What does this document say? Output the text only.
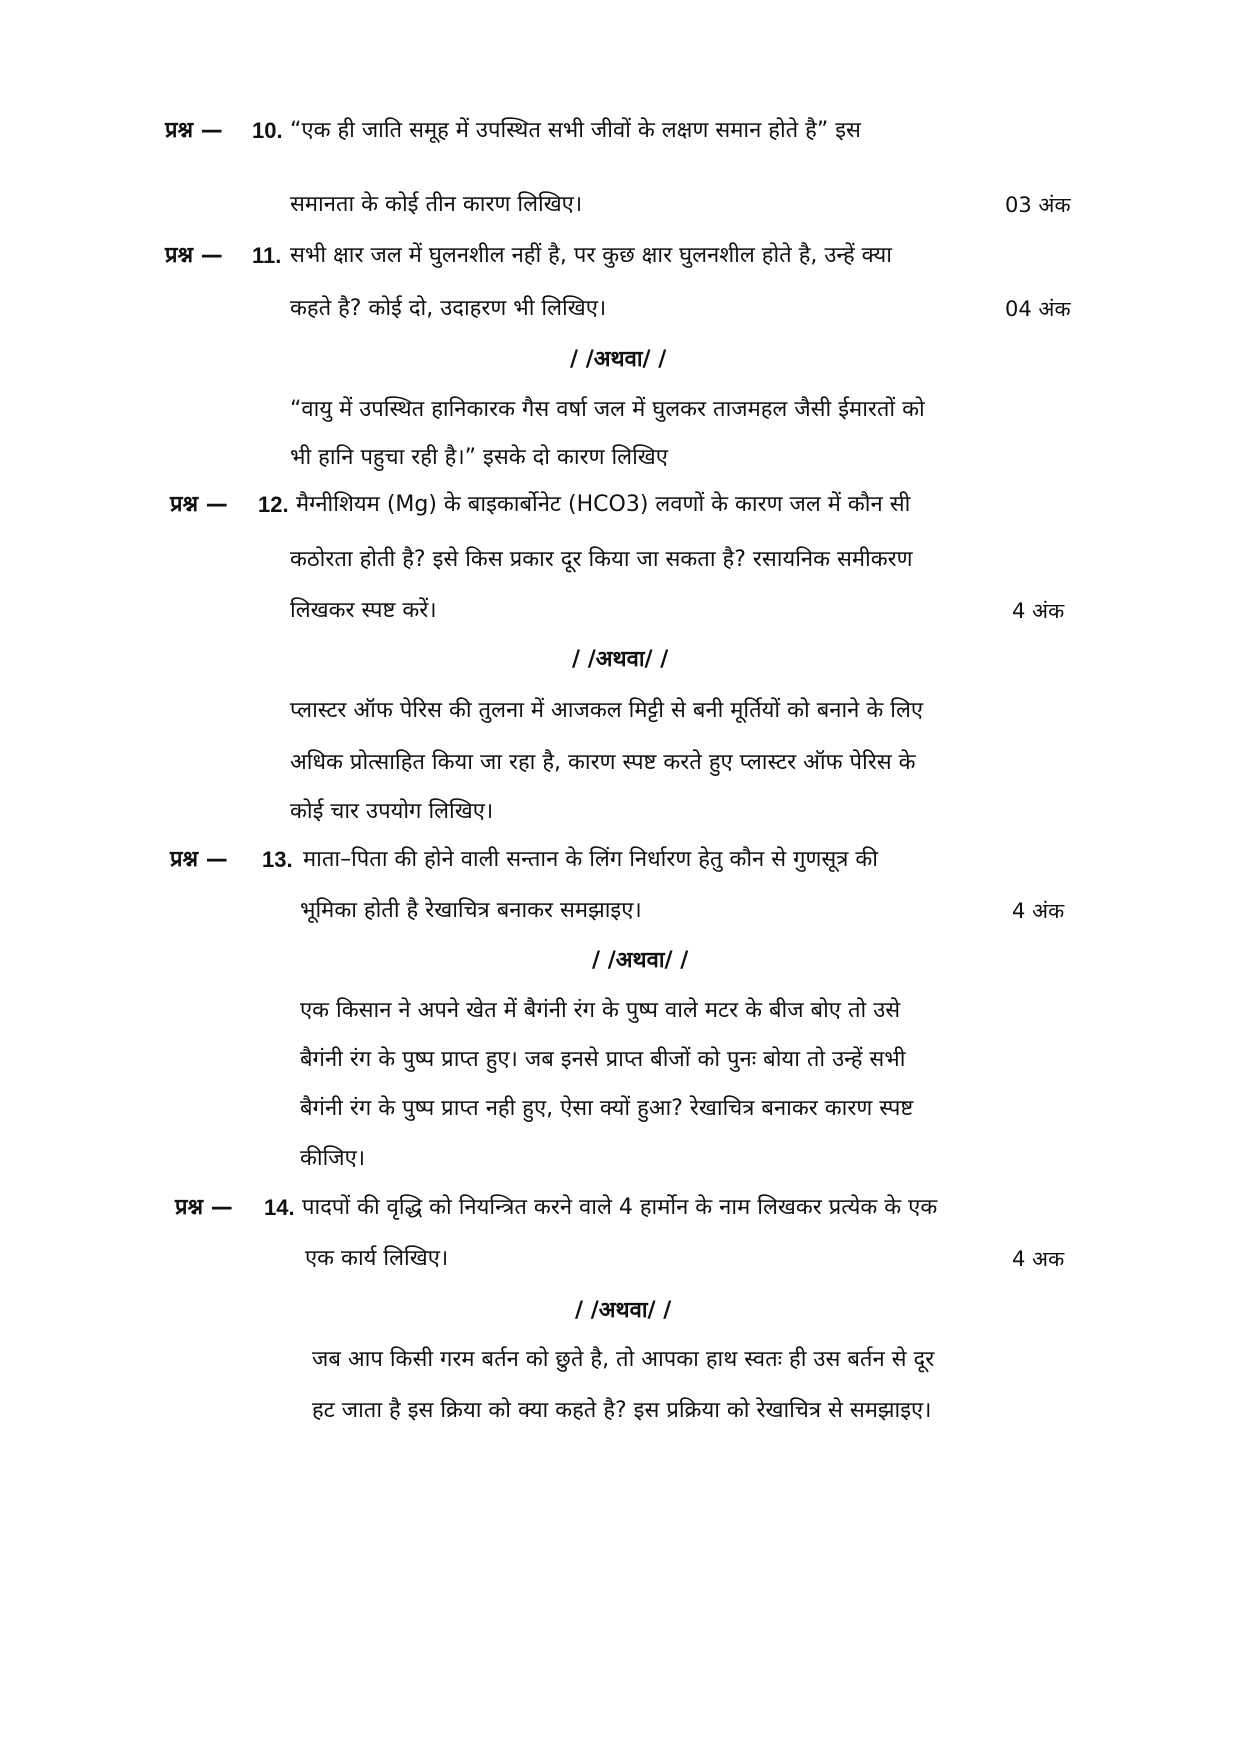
प्रश्न — 10. “एक ही जाति समूह में उपस्थित सभी जीवों के लक्षण समान होते है” इस
समानता के कोई तीन कारण लिखिए।	03 अंक
प्रश्न — 11. सभी क्षार जल में घुलनशील नहीं है, पर कुछ क्षार घुलनशील होते है, उन्हें क्या
कहते है? कोई दो, उदाहरण भी लिखिए।	04 अंक
/ /अथवा/ /
“वायु में उपस्थित हानिकारक गैस वर्षा जल में घुलकर ताजमहल जैसी ईमारतों को
भी हानि पहुचा रही है।” इसके दो कारण लिखिए
प्रश्न — 12. मैग्नीशियम (Mg) के बाइकार्बोनेट (HCO3) लवणों के कारण जल में कौन सी
कठोरता होती है? इसे किस प्रकार दूर किया जा सकता है? रसायनिक समीकरण
लिखकर स्पष्ट करें।	4 अंक
/ /अथवा/ /
प्लास्टर ऑफ पेरिस की तुलना में आजकल मिट्टी से बनी मूर्तियों को बनाने के लिए
अधिक प्रोत्साहित किया जा रहा है, कारण स्पष्ट करते हुए प्लास्टर ऑफ पेरिस के
कोई चार उपयोग लिखिए।
प्रश्न — 13. माता–पिता की होने वाली सन्तान के लिंग निर्धारण हेतु कौन से गुणसूत्र की
भूमिका होती है रेखाचित्र बनाकर समझाइए।	4 अंक
/ /अथवा/ /
एक किसान ने अपने खेत में बैगंनी रंग के पुष्प वाले मटर के बीज बोए तो उसे
बैगंनी रंग के पुष्प प्राप्त हुए। जब इनसे प्राप्त बीजों को पुनः बोया तो उन्हें सभी
बैगंनी रंग के पुष्प प्राप्त नही हुए, ऐसा क्यों हुआ? रेखाचित्र बनाकर कारण स्पष्ट
कीजिए।
प्रश्न — 14. पादपों की वृद्धि को नियन्त्रित करने वाले 4 हार्मोन के नाम लिखकर प्रत्येक के एक
एक कार्य लिखिए।	4 अक
/ /अथवा/ /
जब आप किसी गरम बर्तन को छुते है, तो आपका हाथ स्वतः ही उस बर्तन से दूर
हट जाता है इस क्रिया को क्या कहते है? इस प्रक्रिया को रेखाचित्र से समझाइए।
